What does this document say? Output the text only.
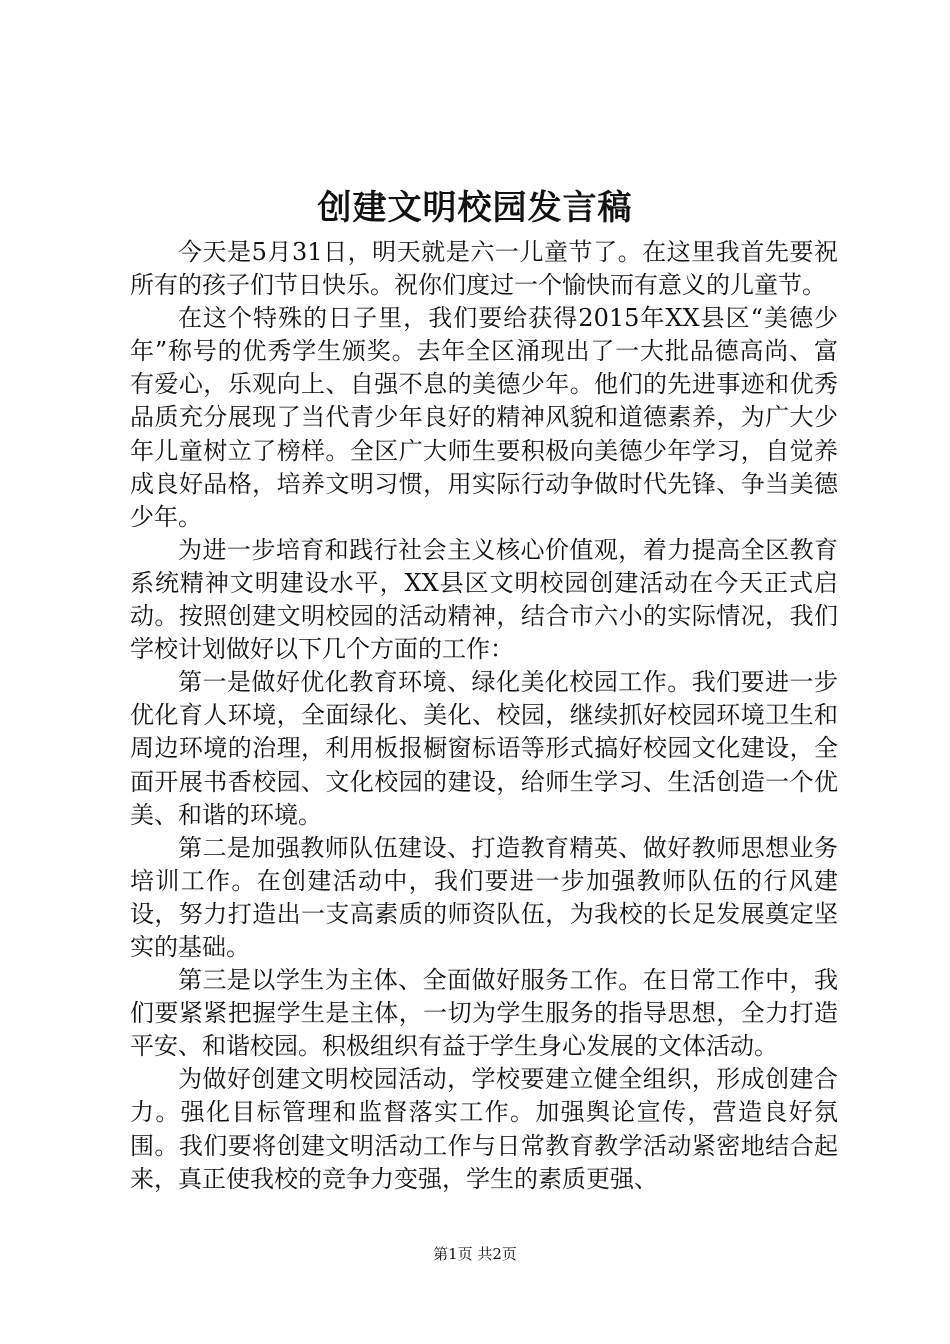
创建文明校园发言稿

今天是5月31日，明天就是六一儿童节了。在这里我首先要祝所有的孩子们节日快乐。祝你们度过一个愉快而有意义的儿童节。

在这个特殊的日子里，我们要给获得2015年XX县区“美德少年”称号的优秀学生颁奖。去年全区涌现出了一大批品德高尚、富有爱心，乐观向上、自强不息的美德少年。他们的先进事迹和优秀品质充分展现了当代青少年良好的精神风貌和道德素养，为广大少年儿童树立了榜样。全区广大师生要积极向美德少年学习，自觉养成良好品格，培养文明习惯，用实际行动争做时代先锋、争当美德少年。

为进一步培育和践行社会主义核心价值观，着力提高全区教育系统精神文明建设水平，XX县区文明校园创建活动在今天正式启动。按照创建文明校园的活动精神，结合市六小的实际情况，我们学校计划做好以下几个方面的工作：

第一是做好优化教育环境、绿化美化校园工作。我们要进一步优化育人环境，全面绿化、美化、校园，继续抓好校园环境卫生和周边环境的治理，利用板报橱窗标语等形式搞好校园文化建设，全面开展书香校园、文化校园的建设，给师生学习、生活创造一个优美、和谐的环境。

第二是加强教师队伍建设、打造教育精英、做好教师思想业务培训工作。在创建活动中，我们要进一步加强教师队伍的行风建设，努力打造出一支高素质的师资队伍，为我校的长足发展奠定坚实的基础。

第三是以学生为主体、全面做好服务工作。在日常工作中，我们要紧紧把握学生是主体，一切为学生服务的指导思想，全力打造平安、和谐校园。积极组织有益于学生身心发展的文体活动。

为做好创建文明校园活动，学校要建立健全组织，形成创建合力。强化目标管理和监督落实工作。加强舆论宣传，营造良好氛围。我们要将创建文明活动工作与日常教育教学活动紧密地结合起来，真正使我校的竞争力变强，学生的素质更强、

第1页 共2页
